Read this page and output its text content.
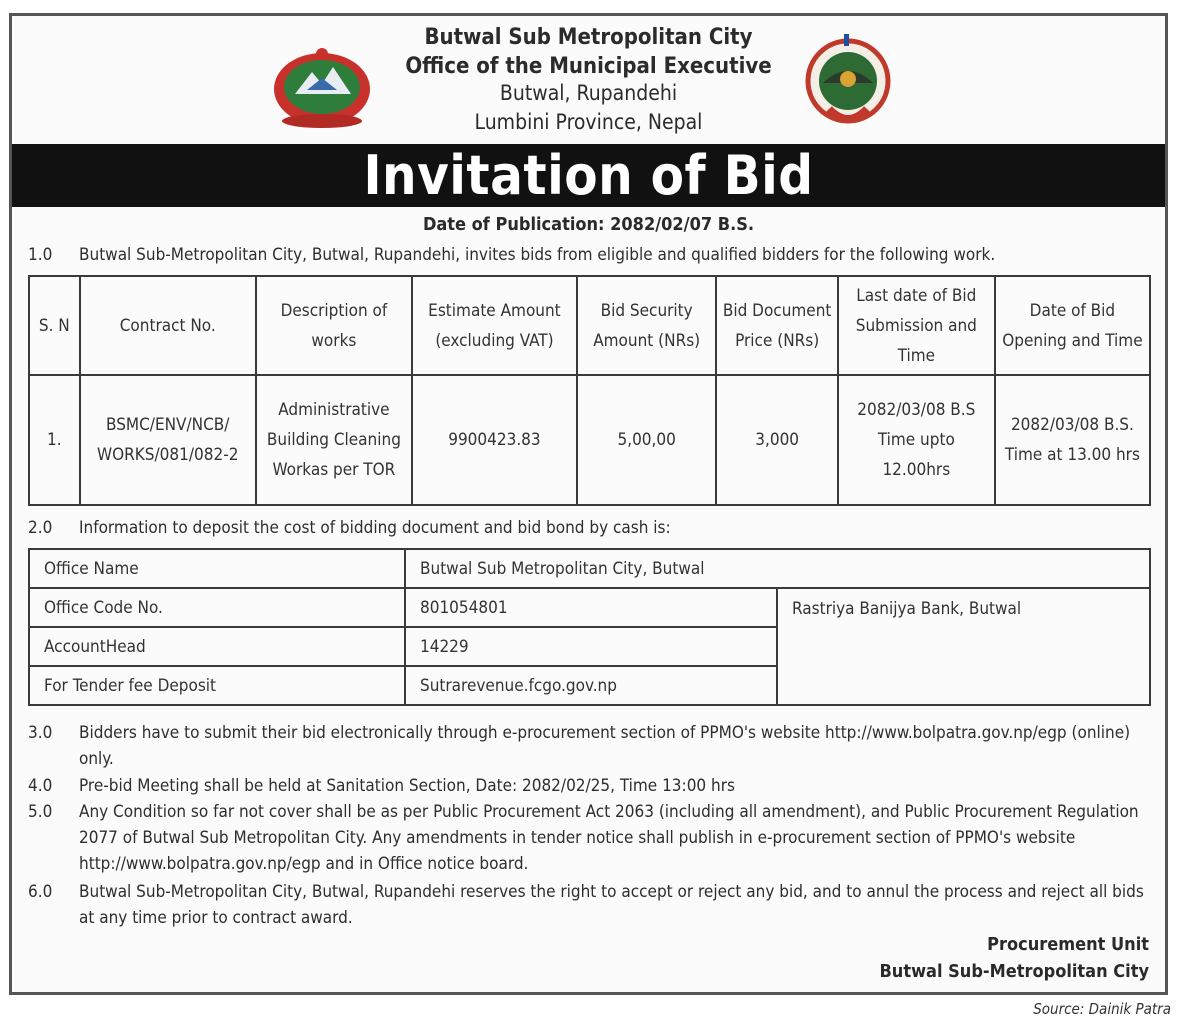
Butwal Sub Metropolitan City
Office of the Municipal Executive
Butwal, Rupandehi
Lumbini Province, Nepal
Invitation of Bid
Date of Publication: 2082/02/07 B.S.
1.0 Butwal Sub-Metropolitan City, Butwal, Rupandehi, invites bids from eligible and qualified bidders for the following work.
S. N	Contract No.	Description of works	Estimate Amount (excluding VAT)	Bid Security Amount (NRs)	Bid Document Price (NRs)	Last date of Bid Submission and Time	Date of Bid Opening and Time
1.	BSMC/ENV/NCB/ WORKS/081/082-2	Administrative Building Cleaning Workas per TOR	9900423.83	5,00,00	3,000	2082/03/08 B.S Time upto 12.00hrs	2082/03/08 B.S. Time at 13.00 hrs
2.0 Information to deposit the cost of bidding document and bid bond by cash is:
Office Name	Butwal Sub Metropolitan City, Butwal	
Office Code No.	801054801	Rastriya Banijya Bank, Butwal
AccountHead	14229	
For Tender fee Deposit	Sutrarevenue.fcgo.gov.np	
3.0 Bidders have to submit their bid electronically through e-procurement section of PPMO's website http://www.bolpatra.gov.np/egp (online) only.
4.0 Pre-bid Meeting shall be held at Sanitation Section, Date: 2082/02/25, Time 13:00 hrs
5.0 Any Condition so far not cover shall be as per Public Procurement Act 2063 (including all amendment), and Public Procurement Regulation 2077 of Butwal Sub Metropolitan City. Any amendments in tender notice shall publish in e-procurement section of PPMO's website http://www.bolpatra.gov.np/egp and in Office notice board.
6.0 Butwal Sub-Metropolitan City, Butwal, Rupandehi reserves the right to accept or reject any bid, and to annul the process and reject all bids at any time prior to contract award.
Procurement Unit
Butwal Sub-Metropolitan City
Source: Dainik Patra
